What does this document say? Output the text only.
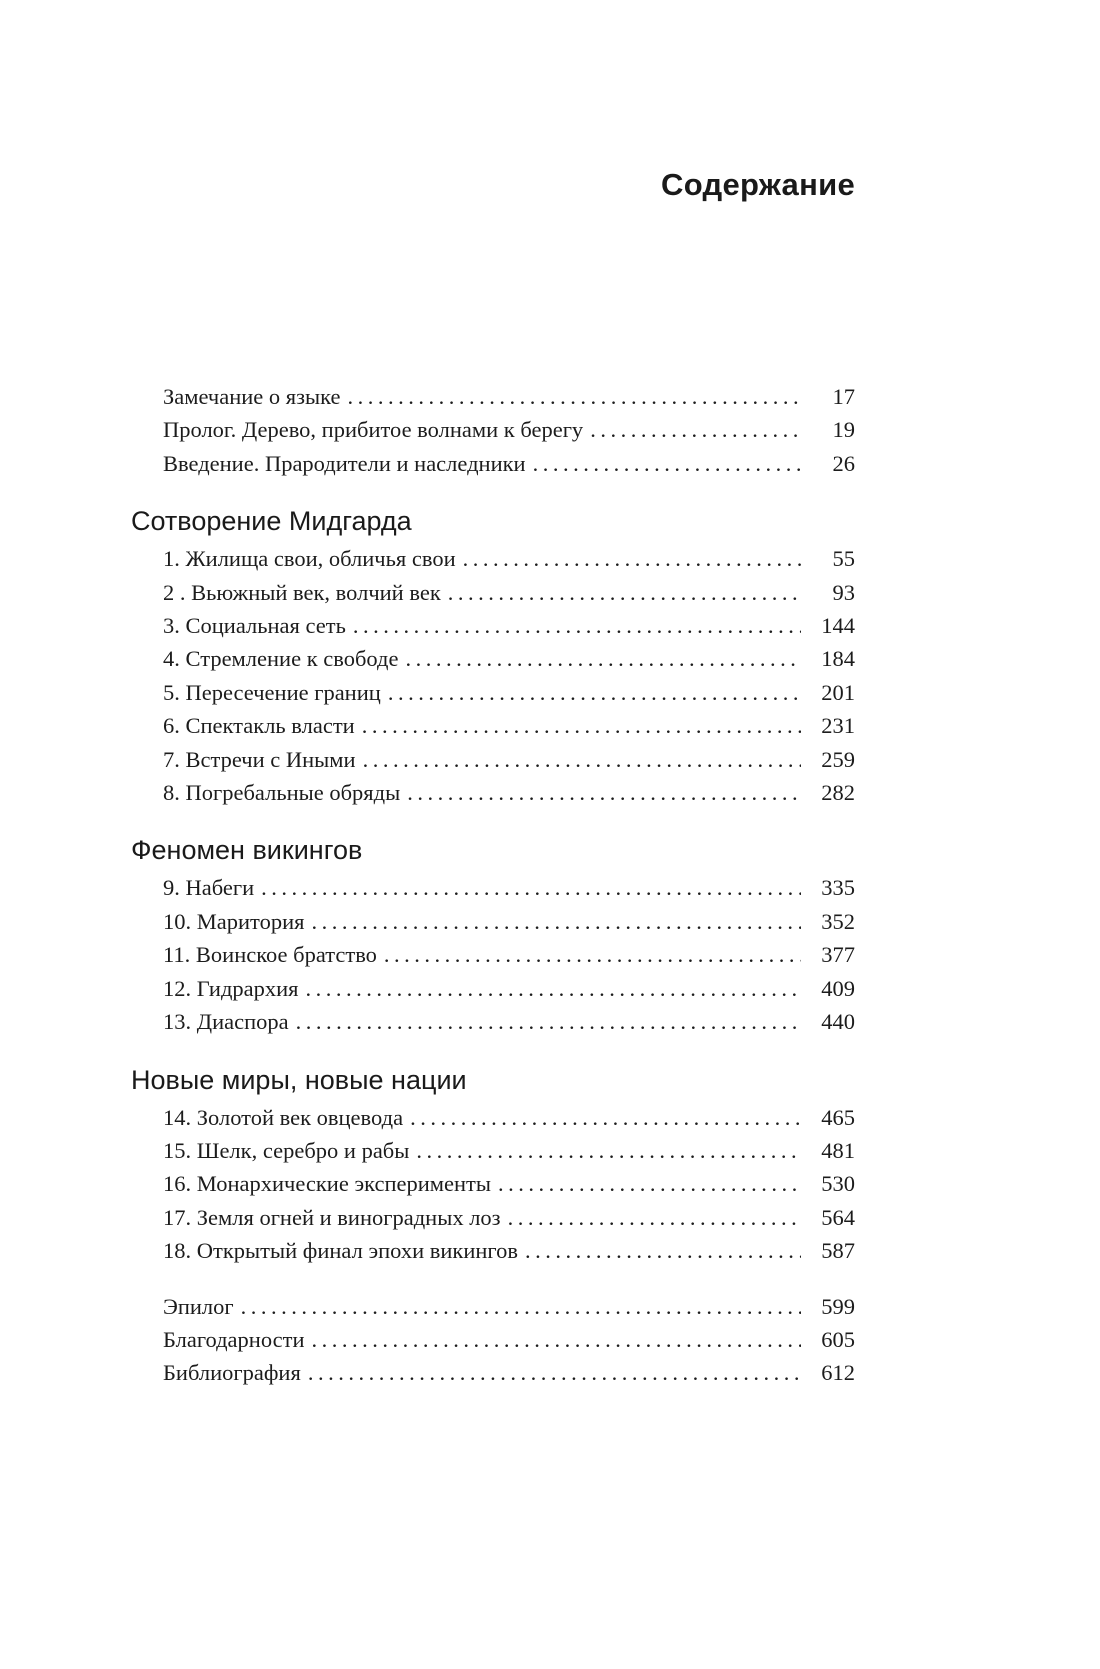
Содержание
Замечание о языке .....	17
Пролог. Дерево, прибитое волнами к берегу .....	19
Введение. Прародители и наследники .....	26
Сотворение Мидгарда
1. Жилища свои, обличья свои .....	55
2 . Вьюжный век, волчий век .....	93
3. Социальная сеть .....	144
4. Стремление к свободе .....	184
5. Пересечение границ .....	201
6. Спектакль власти .....	231
7. Встречи с Иными .....	259
8. Погребальные обряды .....	282
Феномен викингов
9. Набеги .....	335
10. Маритория .....	352
11. Воинское братство .....	377
12. Гидрархия .....	409
13. Диаспора .....	440
Новые миры, новые нации
14. Золотой век овцевода .....	465
15. Шелк, серебро и рабы .....	481
16. Монархические эксперименты .....	530
17. Земля огней и виноградных лоз .....	564
18. Открытый финал эпохи викингов .....	587
Эпилог .....	599
Благодарности .....	605
Библиография .....	612
